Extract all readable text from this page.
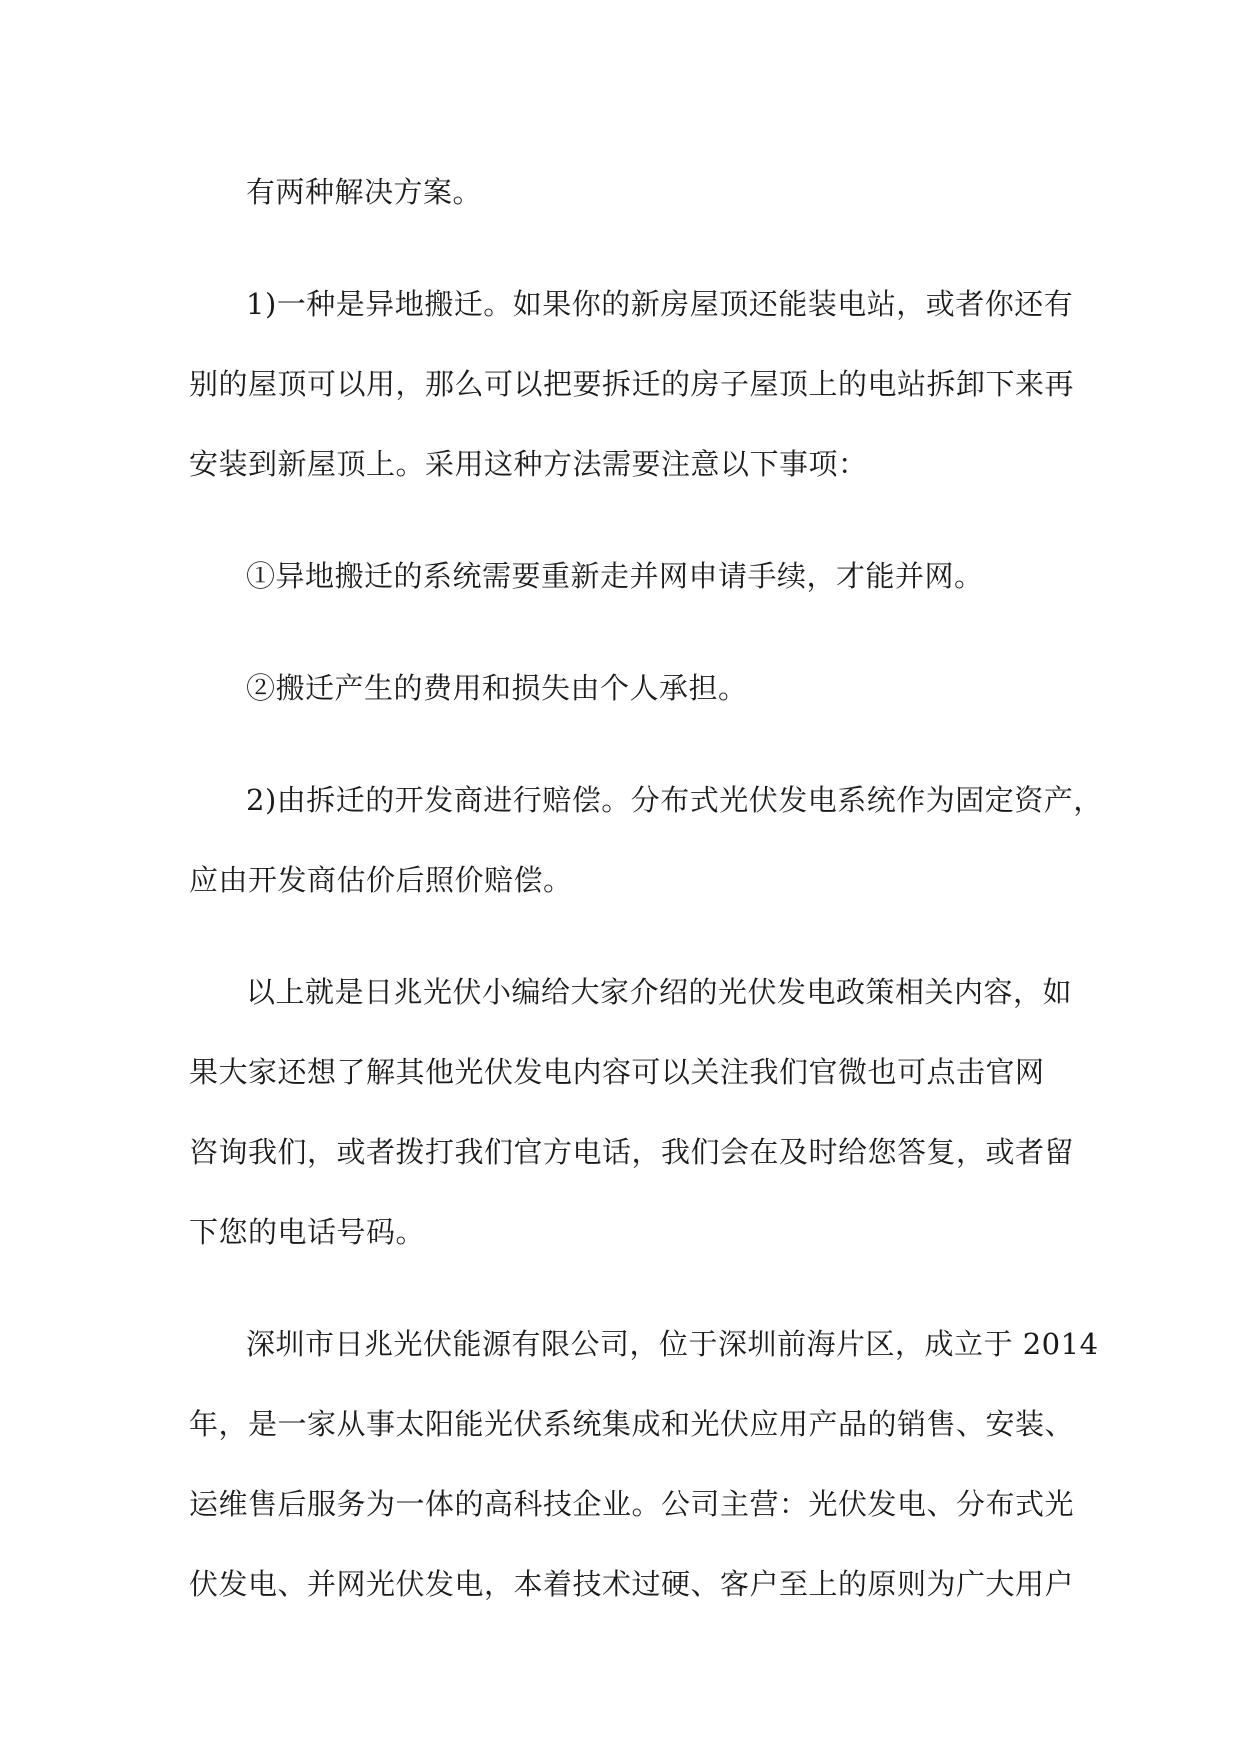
有两种解决方案。
1)一种是异地搬迁。如果你的新房屋顶还能装电站，或者你还有
别的屋顶可以用，那么可以把要拆迁的房子屋顶上的电站拆卸下来再
安装到新屋顶上。采用这种方法需要注意以下事项：
①异地搬迁的系统需要重新走并网申请手续，才能并网。
②搬迁产生的费用和损失由个人承担。
2)由拆迁的开发商进行赔偿。分布式光伏发电系统作为固定资产，
应由开发商估价后照价赔偿。
以上就是日兆光伏小编给大家介绍的光伏发电政策相关内容，如
果大家还想了解其他光伏发电内容可以关注我们官微也可点击官网
咨询我们，或者拨打我们官方电话，我们会在及时给您答复，或者留
下您的电话号码。
深圳市日兆光伏能源有限公司，位于深圳前海片区，成立于 2014
年，是一家从事太阳能光伏系统集成和光伏应用产品的销售、安装、
运维售后服务为一体的高科技企业。公司主营：光伏发电、分布式光
伏发电、并网光伏发电，本着技术过硬、客户至上的原则为广大用户
